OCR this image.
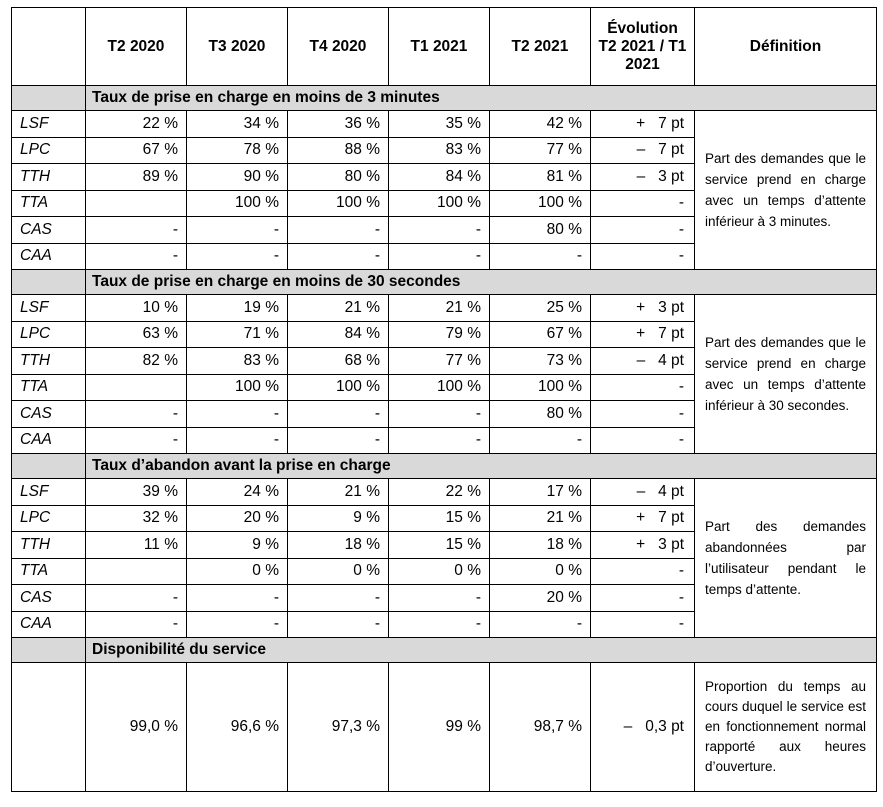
	T2 2020	T3 2020	T4 2020	T1 2021	T2 2021	Évolution T2 2021 / T1 2021	Définition
	Taux de prise en charge en moins de 3 minutes						
LSF	22 %	34 %	36 %	35 %	42 %	+   7 pt	Part des demandes que le service prend en charge avec un temps d’attente inférieur à 3 minutes.
LPC	67 %	78 %	88 %	83 %	77 %	–   7 pt	
TTH	89 %	90 %	80 %	84 %	81 %	–   3 pt	
TTA		100 %	100 %	100 %	100 %	-	
CAS	-	-	-	-	80 %	-	
CAA	-	-	-	-	-	-	
	Taux de prise en charge en moins de 30 secondes						
LSF	10 %	19 %	21 %	21 %	25 %	+   3 pt	Part des demandes que le service prend en charge avec un temps d’attente inférieur à 30 secondes.
LPC	63 %	71 %	84 %	79 %	67 %	+   7 pt	
TTH	82 %	83 %	68 %	77 %	73 %	–   4 pt	
TTA		100 %	100 %	100 %	100 %	-	
CAS	-	-	-	-	80 %	-	
CAA	-	-	-	-	-	-	
	Taux d’abandon avant la prise en charge						
LSF	39 %	24 %	21 %	22 %	17 %	–   4 pt	Part des demandes abandonnées par l’utilisateur pendant le temps d’attente.
LPC	32 %	20 %	9 %	15 %	21 %	+   7 pt	
TTH	11 %	9 %	18 %	15 %	18 %	+   3 pt	
TTA		0 %	0 %	0 %	0 %	-	
CAS	-	-	-	-	20 %	-	
CAA	-	-	-	-	-	-	
	Disponibilité du service						
	99,0 %	96,6 %	97,3 %	99 %	98,7 %	–   0,3 pt	Proportion du temps au cours duquel le service est en fonctionnement normal rapporté aux heures d’ouverture.
